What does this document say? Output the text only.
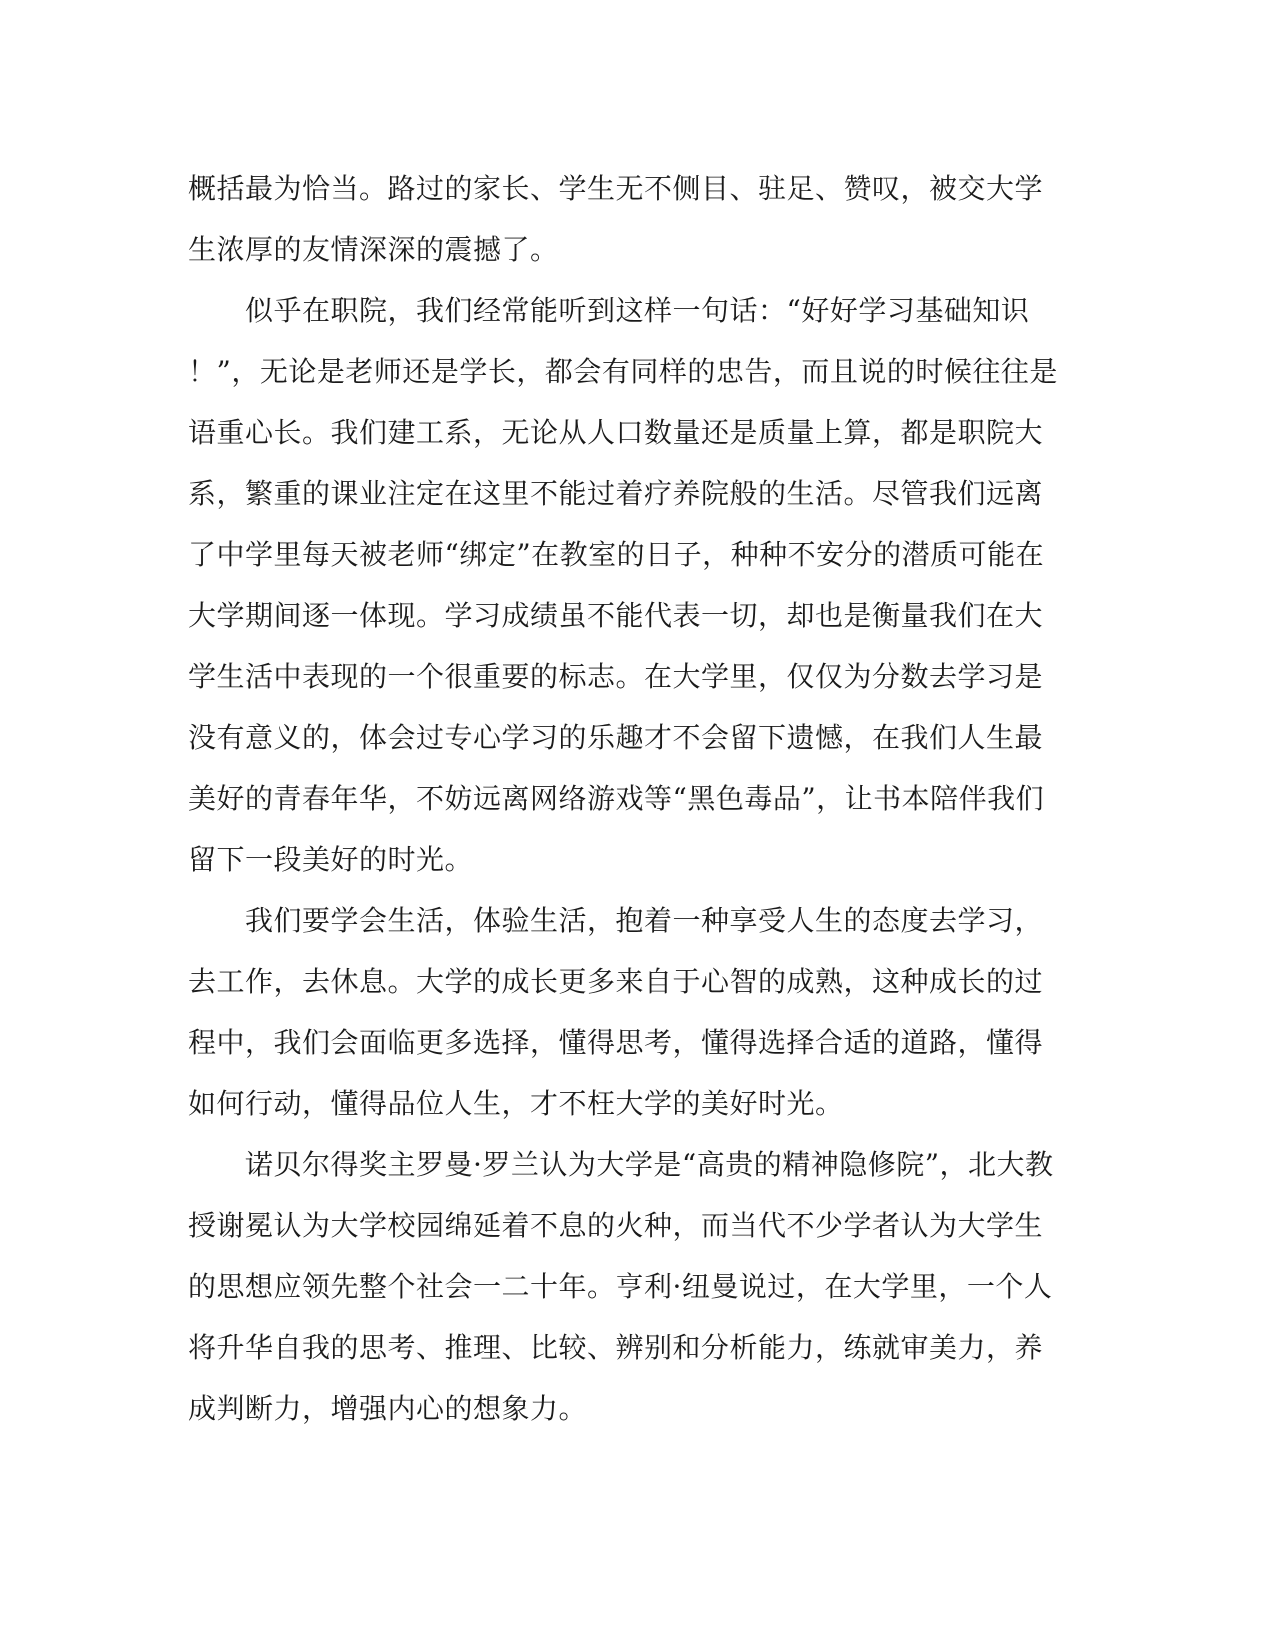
概括最为恰当。路过的家长、学生无不侧目、驻足、赞叹，被交大学
生浓厚的友情深深的震撼了。
　　似乎在职院，我们经常能听到这样一句话：“好好学习基础知识
！”，无论是老师还是学长，都会有同样的忠告，而且说的时候往往是
语重心长。我们建工系，无论从人口数量还是质量上算，都是职院大
系，繁重的课业注定在这里不能过着疗养院般的生活。尽管我们远离
了中学里每天被老师“绑定”在教室的日子，种种不安分的潜质可能在
大学期间逐一体现。学习成绩虽不能代表一切，却也是衡量我们在大
学生活中表现的一个很重要的标志。在大学里，仅仅为分数去学习是
没有意义的，体会过专心学习的乐趣才不会留下遗憾，在我们人生最
美好的青春年华，不妨远离网络游戏等“黑色毒品”，让书本陪伴我们
留下一段美好的时光。
　　我们要学会生活，体验生活，抱着一种享受人生的态度去学习，
去工作，去休息。大学的成长更多来自于心智的成熟，这种成长的过
程中，我们会面临更多选择，懂得思考，懂得选择合适的道路，懂得
如何行动，懂得品位人生，才不枉大学的美好时光。
　　诺贝尔得奖主罗曼·罗兰认为大学是“高贵的精神隐修院”，北大教
授谢冕认为大学校园绵延着不息的火种，而当代不少学者认为大学生
的思想应领先整个社会一二十年。亨利·纽曼说过，在大学里，一个人
将升华自我的思考、推理、比较、辨别和分析能力，练就审美力，养
成判断力，增强内心的想象力。
